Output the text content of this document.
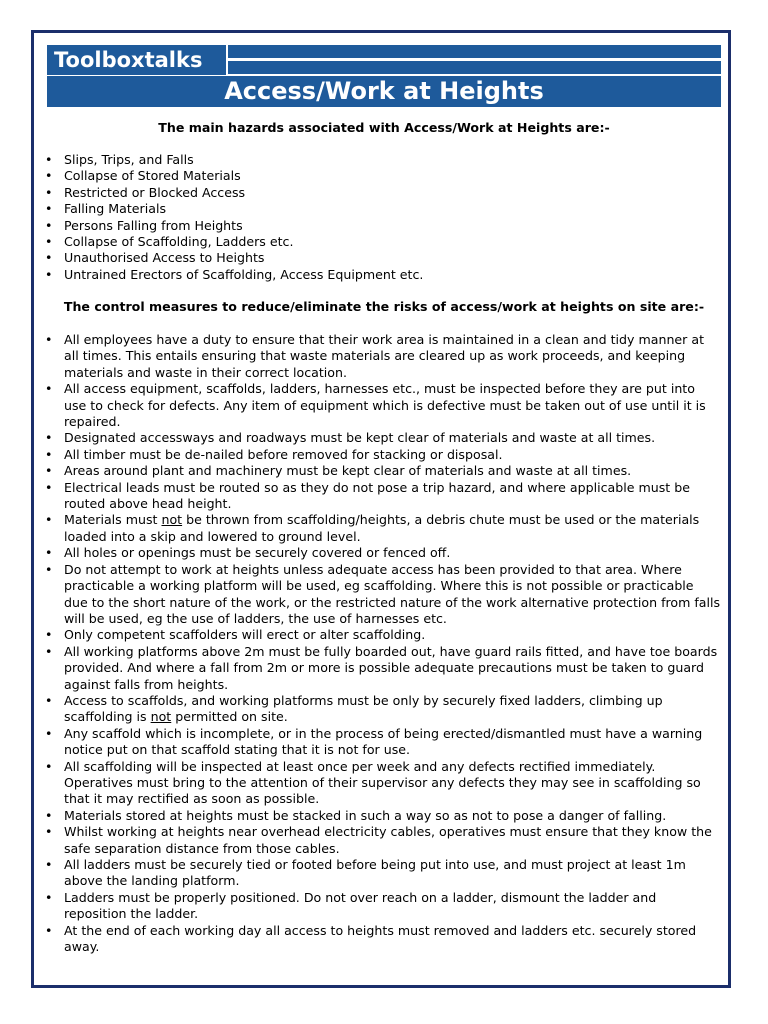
Toolboxtalks
Access/Work at Heights
The main hazards associated with Access/Work at Heights are:-
• Slips, Trips, and Falls
• Collapse of Stored Materials
• Restricted or Blocked Access
• Falling Materials
• Persons Falling from Heights
• Collapse of Scaffolding, Ladders etc.
• Unauthorised Access to Heights
• Untrained Erectors of Scaffolding, Access Equipment etc.
The control measures to reduce/eliminate the risks of access/work at heights on site are:-
• All employees have a duty to ensure that their work area is maintained in a clean and tidy manner at all times. This entails ensuring that waste materials are cleared up as work proceeds, and keeping materials and waste in their correct location.
• All access equipment, scaffolds, ladders, harnesses etc., must be inspected before they are put into use to check for defects. Any item of equipment which is defective must be taken out of use until it is repaired.
• Designated accessways and roadways must be kept clear of materials and waste at all times.
• All timber must be de-nailed before removed for stacking or disposal.
• Areas around plant and machinery must be kept clear of materials and waste at all times.
• Electrical leads must be routed so as they do not pose a trip hazard, and where applicable must be routed above head height.
• Materials must not be thrown from scaffolding/heights, a debris chute must be used or the materials loaded into a skip and lowered to ground level.
• All holes or openings must be securely covered or fenced off.
• Do not attempt to work at heights unless adequate access has been provided to that area. Where practicable a working platform will be used, eg scaffolding. Where this is not possible or practicable due to the short nature of the work, or the restricted nature of the work alternative protection from falls will be used, eg the use of ladders, the use of harnesses etc.
• Only competent scaffolders will erect or alter scaffolding.
• All working platforms above 2m must be fully boarded out, have guard rails fitted, and have toe boards provided. And where a fall from 2m or more is possible adequate precautions must be taken to guard against falls from heights.
• Access to scaffolds, and working platforms must be only by securely fixed ladders, climbing up scaffolding is not permitted on site.
• Any scaffold which is incomplete, or in the process of being erected/dismantled must have a warning notice put on that scaffold stating that it is not for use.
• All scaffolding will be inspected at least once per week and any defects rectified immediately. Operatives must bring to the attention of their supervisor any defects they may see in scaffolding so that it may rectified as soon as possible.
• Materials stored at heights must be stacked in such a way so as not to pose a danger of falling.
• Whilst working at heights near overhead electricity cables, operatives must ensure that they know the safe separation distance from those cables.
• All ladders must be securely tied or footed before being put into use, and must project at least 1m above the landing platform.
• Ladders must be properly positioned. Do not over reach on a ladder, dismount the ladder and reposition the ladder.
• At the end of each working day all access to heights must removed and ladders etc. securely stored away.
